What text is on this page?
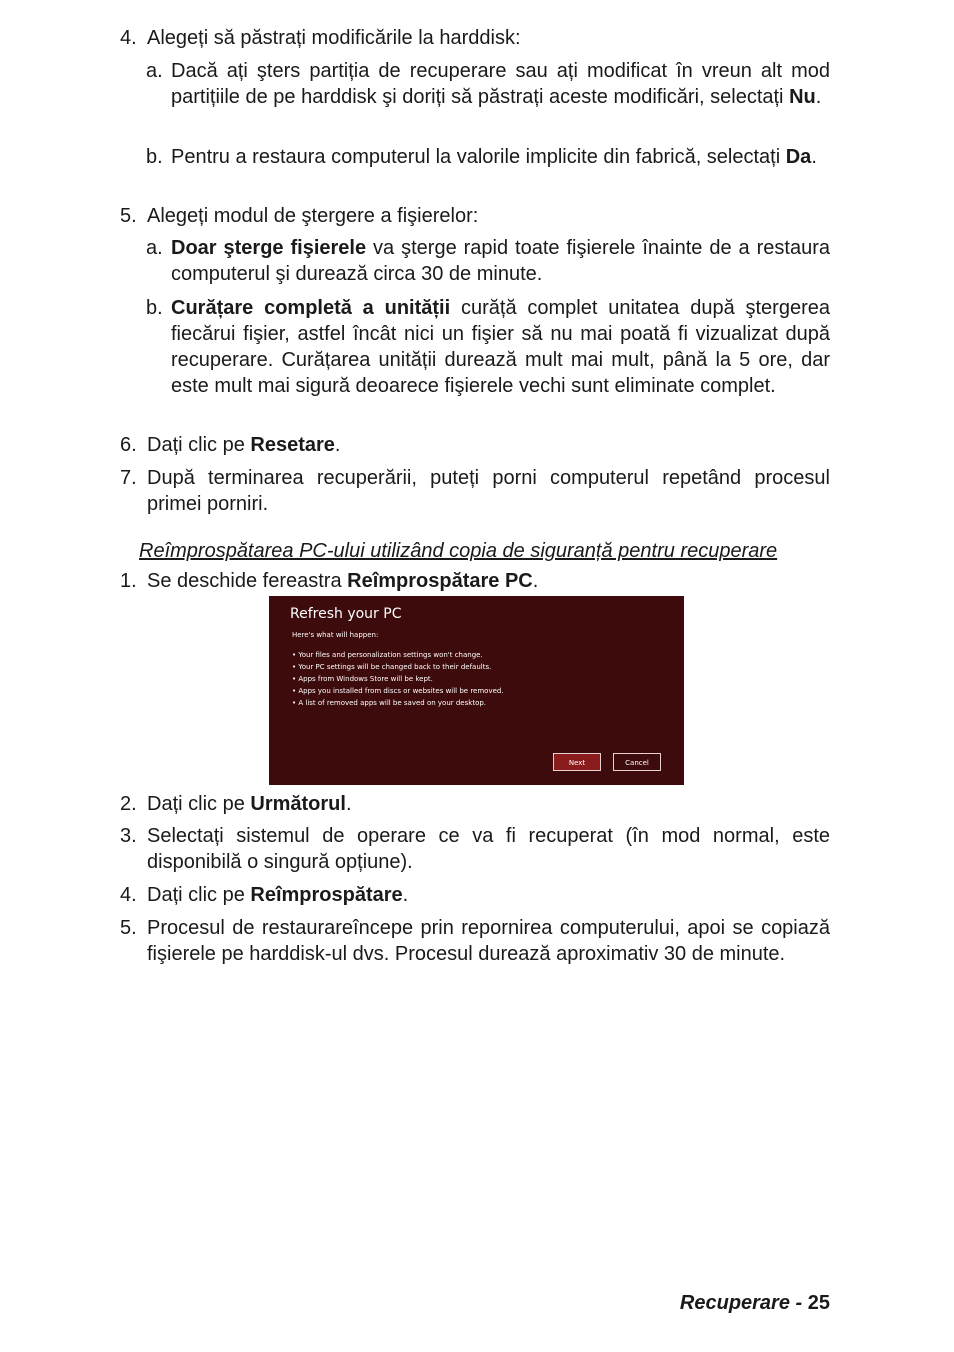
4. Alegeți să păstrați modificările la harddisk:
a. Dacă ați şters partiția de recuperare sau ați modificat în vreun alt mod partițiile de pe harddisk şi doriți să păstrați aceste modificări, selectați Nu.
b. Pentru a restaura computerul la valorile implicite din fabrică, selectați Da.
5. Alegeți modul de ştergere a fişierelor:
a. Doar şterge fişierele va şterge rapid toate fişierele înainte de a restaura computerul şi durează circa 30 de minute.
b. Curățare completă a unității curăță complet unitatea după ştergerea fiecărui fişier, astfel încât nici un fişier să nu mai poată fi vizualizat după recuperare. Curățarea unității durează mult mai mult, până la 5 ore, dar este mult mai sigură deoarece fişierele vechi sunt eliminate complet.
6. Dați clic pe Resetare.
7. După terminarea recuperării, puteți porni computerul repetând procesul primei porniri.
Reîmprospătarea PC-ului utilizând copia de siguranță pentru recuperare
1. Se deschide fereastra Reîmprospătare PC.
Refresh your PC
Here's what will happen:
• Your files and personalization settings won't change.
• Your PC settings will be changed back to their defaults.
• Apps from Windows Store will be kept.
• Apps you installed from discs or websites will be removed.
• A list of removed apps will be saved on your desktop.
Next	Cancel
2. Dați clic pe Următorul.
3. Selectați sistemul de operare ce va fi recuperat (în mod normal, este disponibilă o singură opțiune).
4. Dați clic pe Reîmprospătare.
5. Procesul de restaurareîncepe prin repornirea computerului, apoi se copiază fişierele pe harddisk-ul dvs. Procesul durează aproximativ 30 de minute.
Recuperare - 25
